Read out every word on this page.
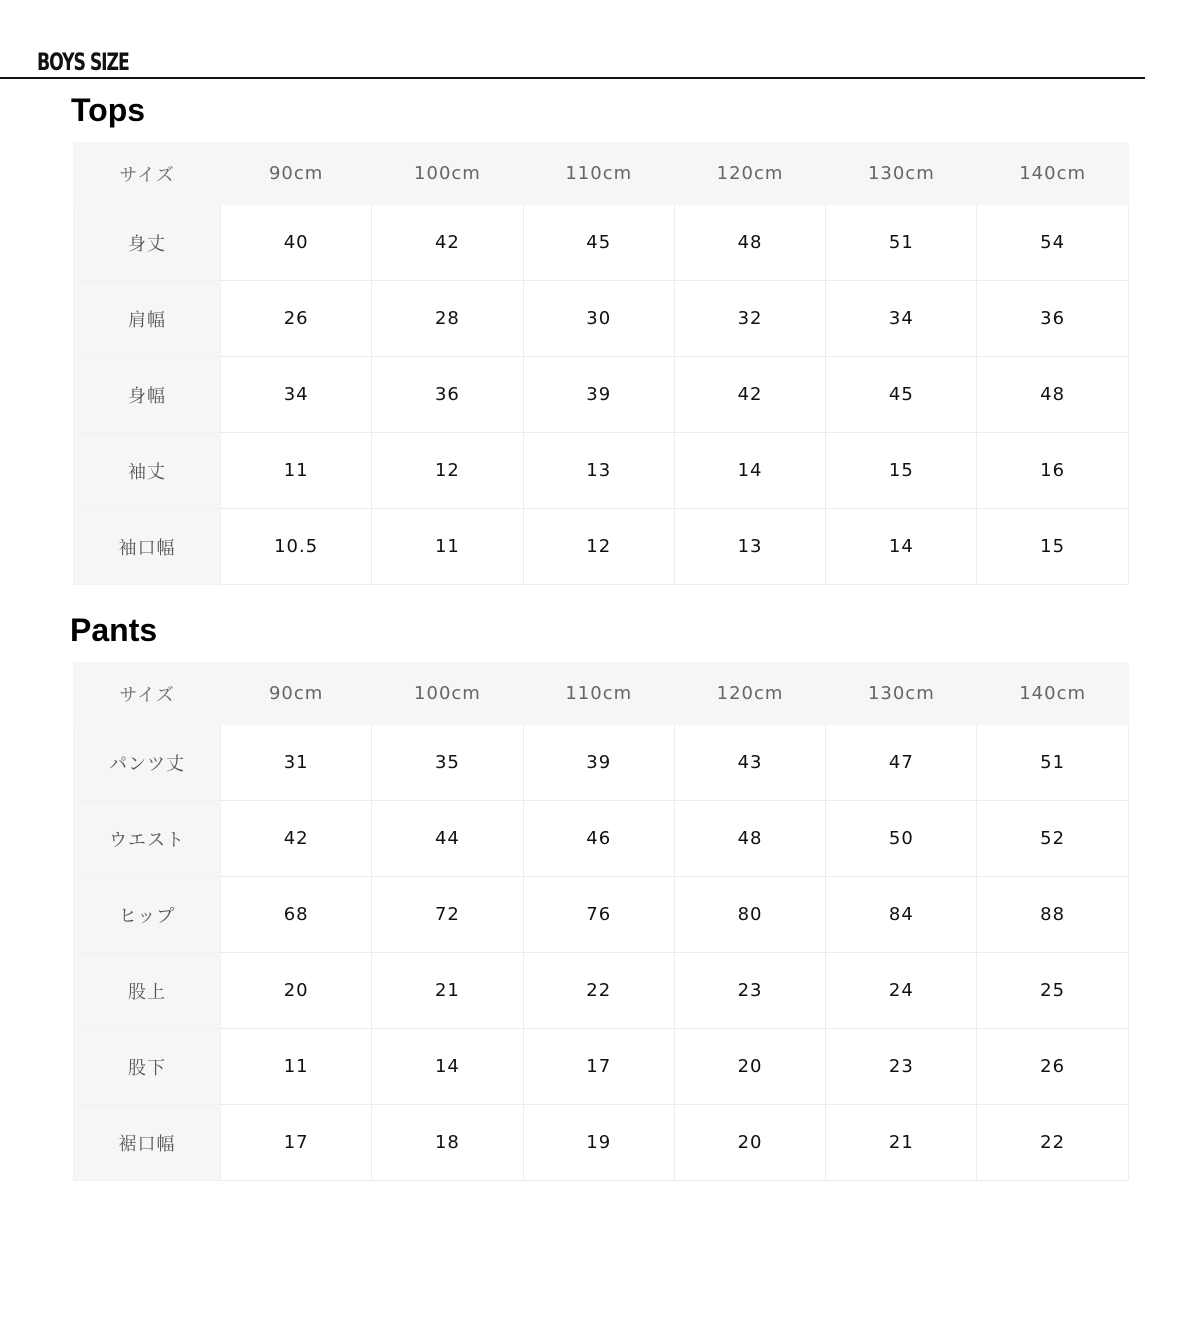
BOYS SIZE
Tops
サイズ	90cm	100cm	110cm	120cm	130cm	140cm
身丈	40	42	45	48	51	54
肩幅	26	28	30	32	34	36
身幅	34	36	39	42	45	48
袖丈	11	12	13	14	15	16
袖口幅	10.5	11	12	13	14	15
Pants
サイズ	90cm	100cm	110cm	120cm	130cm	140cm
パンツ丈	31	35	39	43	47	51
ウエスト	42	44	46	48	50	52
ヒップ	68	72	76	80	84	88
股上	20	21	22	23	24	25
股下	11	14	17	20	23	26
裾口幅	17	18	19	20	21	22
